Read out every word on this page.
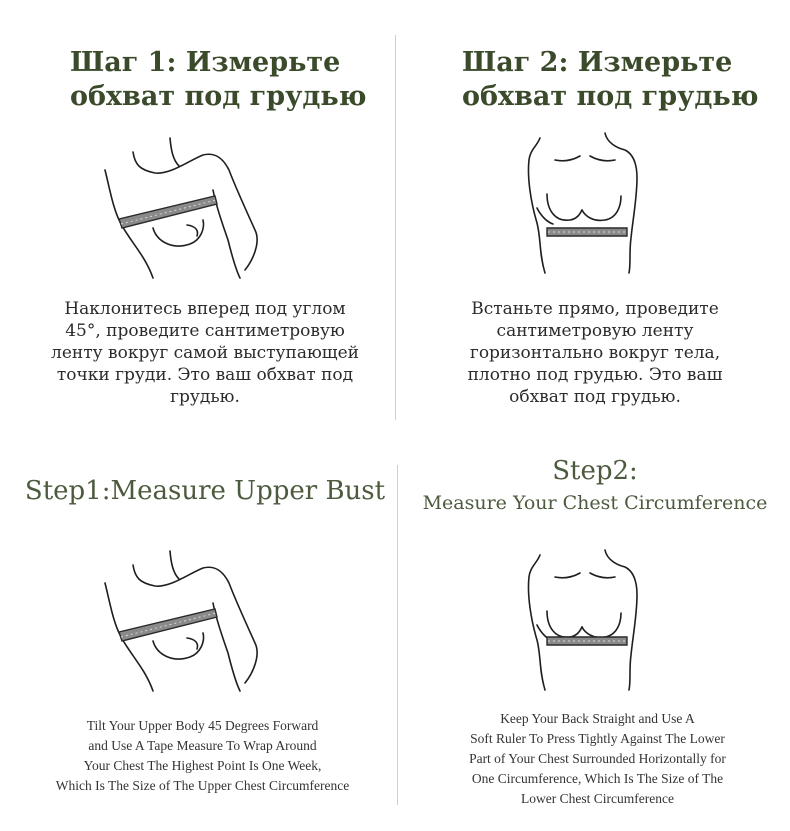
Шаг 1: Измерьте
обхват под грудью
Наклонитесь вперед под углом
45°, проведите сантиметровую
ленту вокруг самой выступающей
точки груди. Это ваш обхват под
грудью.
Шаг 2: Измерьте
обхват под грудью
Встаньте прямо, проведите
сантиметровую ленту
горизонтально вокруг тела,
плотно под грудью. Это ваш
обхват под грудью.
Step1:Measure Upper Bust
Tilt Your Upper Body 45 Degrees Forward
and Use A Tape Measure To Wrap Around
Your Chest The Highest Point Is One Week,
Which Is The Size of The Upper Chest Circumference
Step2:
Measure Your Chest Circumference
Keep Your Back Straight and Use A
Soft Ruler To Press Tightly Against The Lower
Part of Your Chest Surrounded Horizontally for
One Circumference, Which Is The Size of The
Lower Chest Circumference
